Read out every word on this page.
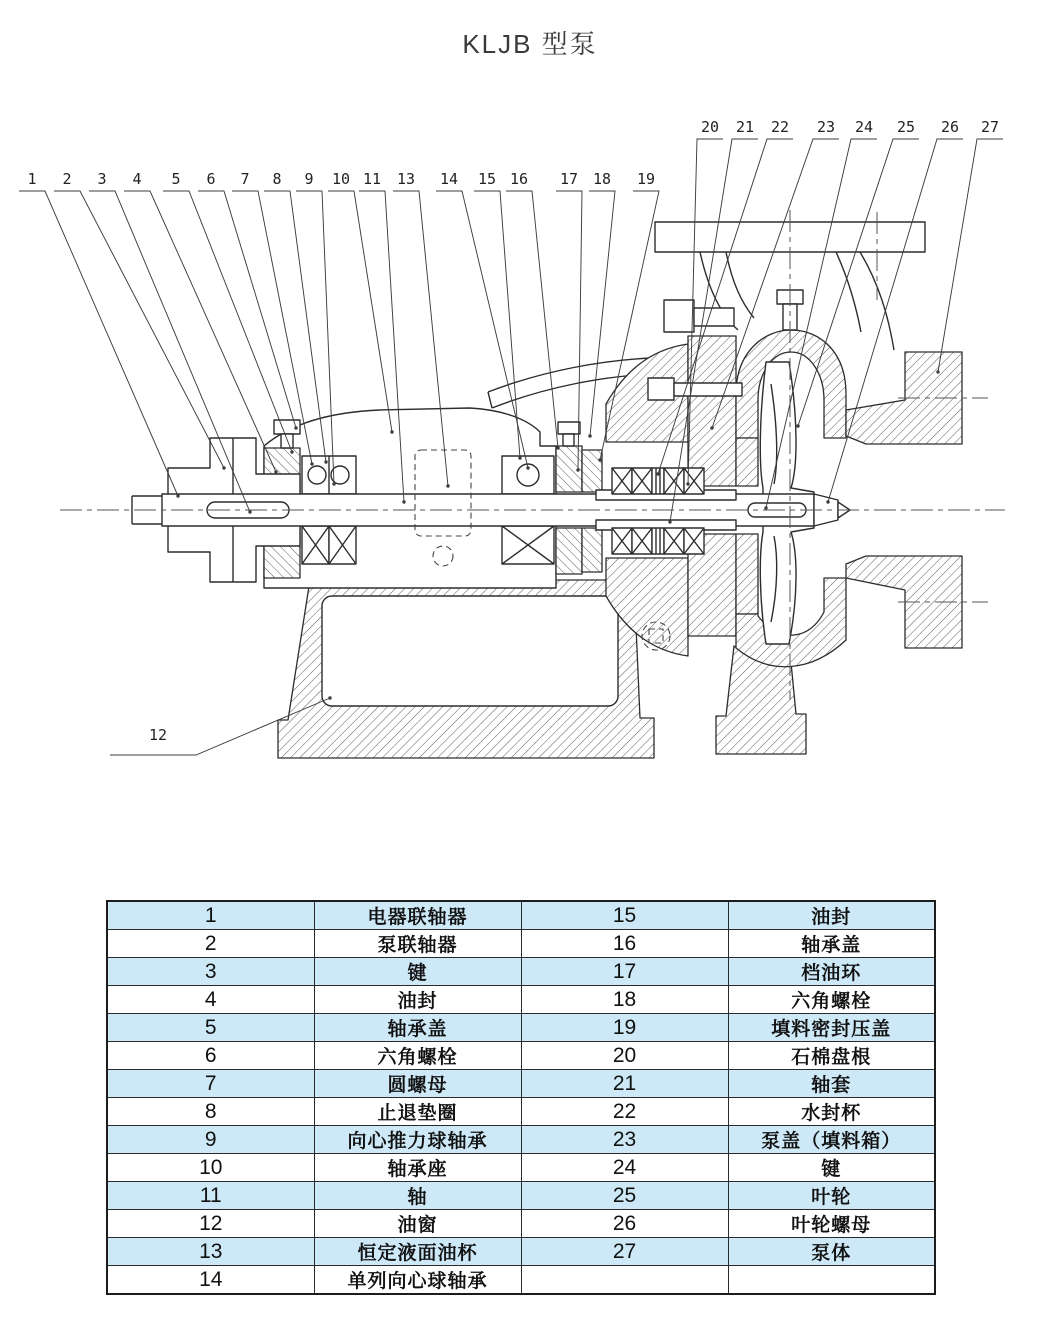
KLJB 型泵
1 2 3 4 5 6 7 8 9 10 11 13 14 15 16 17 18 19
20 21 22 23 24 25 26 27
12
1	电器联轴器	15	油封
2	泵联轴器	16	轴承盖
3	键	17	档油环
4	油封	18	六角螺栓
5	轴承盖	19	填料密封压盖
6	六角螺栓	20	石棉盘根
7	圆螺母	21	轴套
8	止退垫圈	22	水封杯
9	向心推力球轴承	23	泵盖（填料箱）
10	轴承座	24	键
11	轴	25	叶轮
12	油窗	26	叶轮螺母
13	恒定液面油杯	27	泵体
14	单列向心球轴承		
